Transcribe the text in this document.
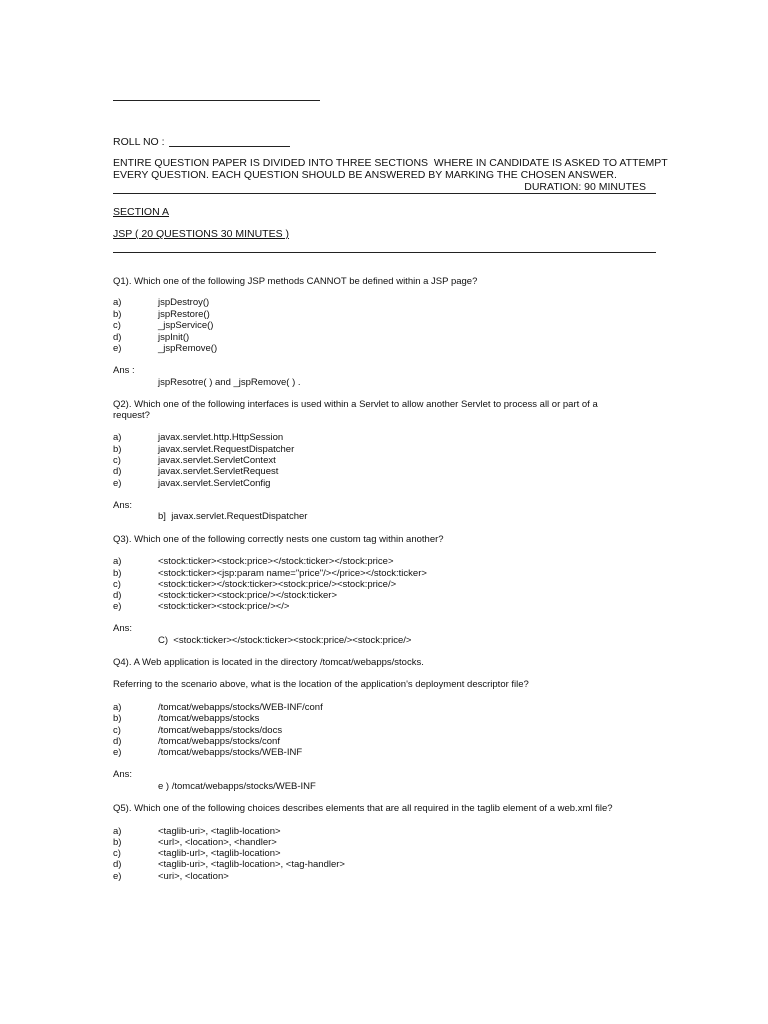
ROLL NO :
ENTIRE QUESTION PAPER IS DIVIDED INTO THREE SECTIONS  WHERE IN CANDIDATE IS ASKED TO ATTEMPT
EVERY QUESTION. EACH QUESTION SHOULD BE ANSWERED BY MARKING THE CHOSEN ANSWER.
DURATION: 90 MINUTES
SECTION A
JSP ( 20 QUESTIONS 30 MINUTES )
Q1). Which one of the following JSP methods CANNOT be defined within a JSP page?
a)	jspDestroy()
b)	jspRestore()
c)	_jspService()
d)	jspInit()
e)	_jspRemove()
Ans :
jspResotre( ) and _jspRemove( ) .
Q2). Which one of the following interfaces is used within a Servlet to allow another Servlet to process all or part of a
request?
a)	javax.servlet.http.HttpSession
b)	javax.servlet.RequestDispatcher
c)	javax.servlet.ServletContext
d)	javax.servlet.ServletRequest
e)	javax.servlet.ServletConfig
Ans:
b]  javax.servlet.RequestDispatcher
Q3). Which one of the following correctly nests one custom tag within another?
a)	<stock:ticker><stock:price></stock:ticker></stock:price>
b)	<stock:ticker><jsp:param name="price"/></price></stock:ticker>
c)	<stock:ticker></stock:ticker><stock:price/><stock:price/>
d)	<stock:ticker><stock:price/></stock:ticker>
e)	<stock:ticker><stock:price/></>
Ans:
C)  <stock:ticker></stock:ticker><stock:price/><stock:price/>
Q4). A Web application is located in the directory /tomcat/webapps/stocks.
Referring to the scenario above, what is the location of the application's deployment descriptor file?
a)	/tomcat/webapps/stocks/WEB-INF/conf
b)	/tomcat/webapps/stocks
c)	/tomcat/webapps/stocks/docs
d)	/tomcat/webapps/stocks/conf
e)	/tomcat/webapps/stocks/WEB-INF
Ans:
e ) /tomcat/webapps/stocks/WEB-INF
Q5). Which one of the following choices describes elements that are all required in the taglib element of a web.xml file?
a)	<taglib-uri>, <taglib-location>
b)	<url>, <location>, <handler>
c)	<taglib-url>, <taglib-location>
d)	<taglib-uri>, <taglib-location>, <tag-handler>
e)	<uri>, <location>
